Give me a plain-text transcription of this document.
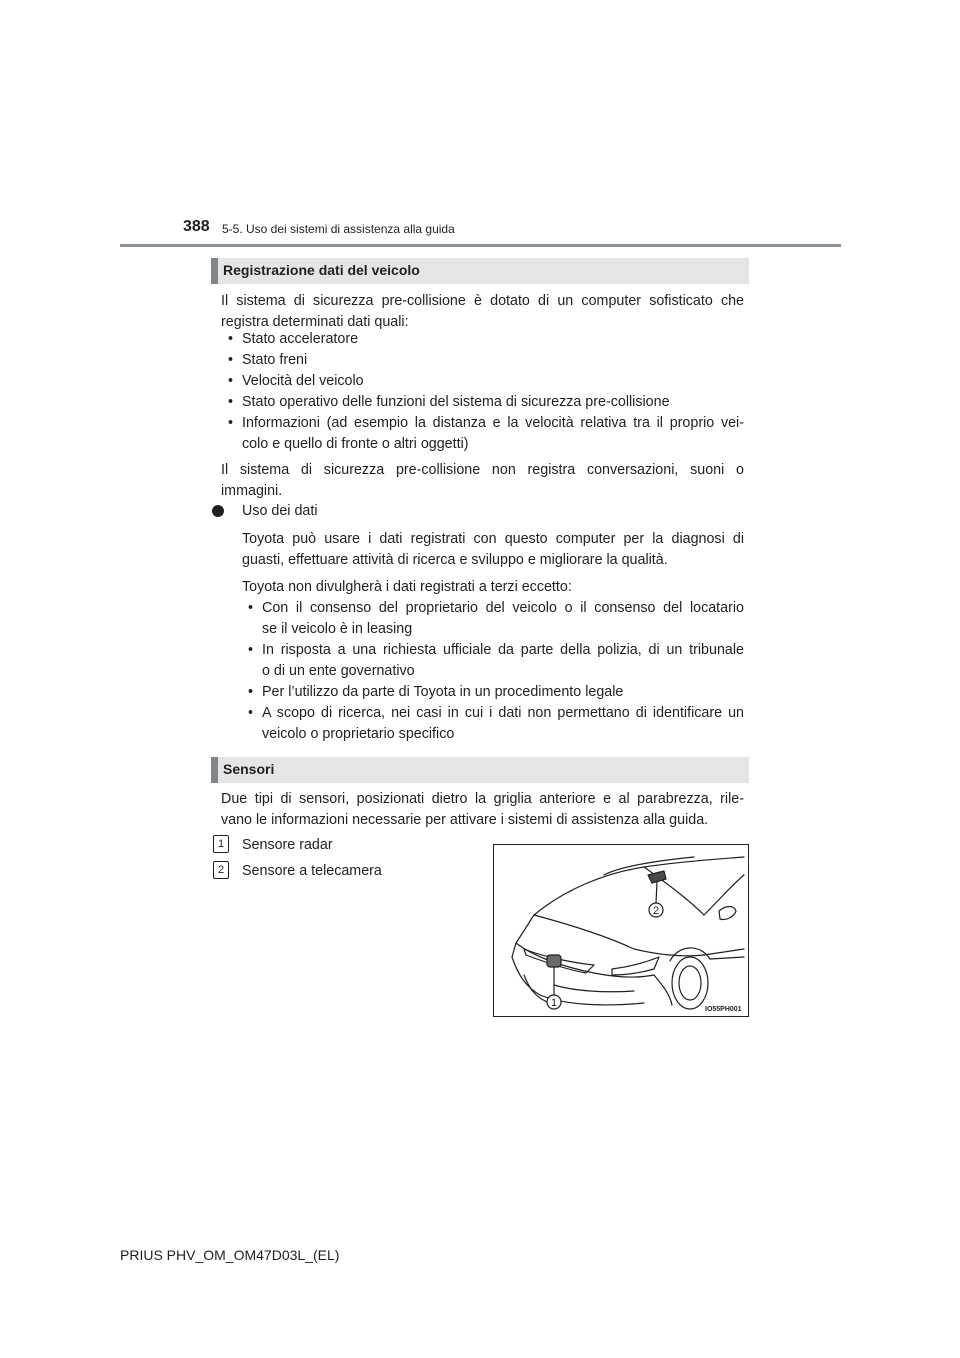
388 5-5. Uso dei sistemi di assistenza alla guida
Registrazione dati del veicolo
Il sistema di sicurezza pre-collisione è dotato di un computer sofisticato che
registra determinati dati quali:
• Stato acceleratore
• Stato freni
• Velocità del veicolo
• Stato operativo delle funzioni del sistema di sicurezza pre-collisione
• Informazioni (ad esempio la distanza e la velocità relativa tra il proprio vei-
colo e quello di fronte o altri oggetti)
Il sistema di sicurezza pre-collisione non registra conversazioni, suoni o
immagini.
Uso dei dati
Toyota può usare i dati registrati con questo computer per la diagnosi di
guasti, effettuare attività di ricerca e sviluppo e migliorare la qualità.
Toyota non divulgherà i dati registrati a terzi eccetto:
• Con il consenso del proprietario del veicolo o il consenso del locatario
se il veicolo è in leasing
• In risposta a una richiesta ufficiale da parte della polizia, di un tribunale
o di un ente governativo
• Per l’utilizzo da parte di Toyota in un procedimento legale
• A scopo di ricerca, nei casi in cui i dati non permettano di identificare un
veicolo o proprietario specifico
Sensori
Due tipi di sensori, posizionati dietro la griglia anteriore e al parabrezza, rile-
vano le informazioni necessarie per attivare i sistemi di assistenza alla guida.
1	Sensore radar
2	Sensore a telecamera
2
1
IO55PH001
PRIUS PHV_OM_OM47D03L_(EL)
